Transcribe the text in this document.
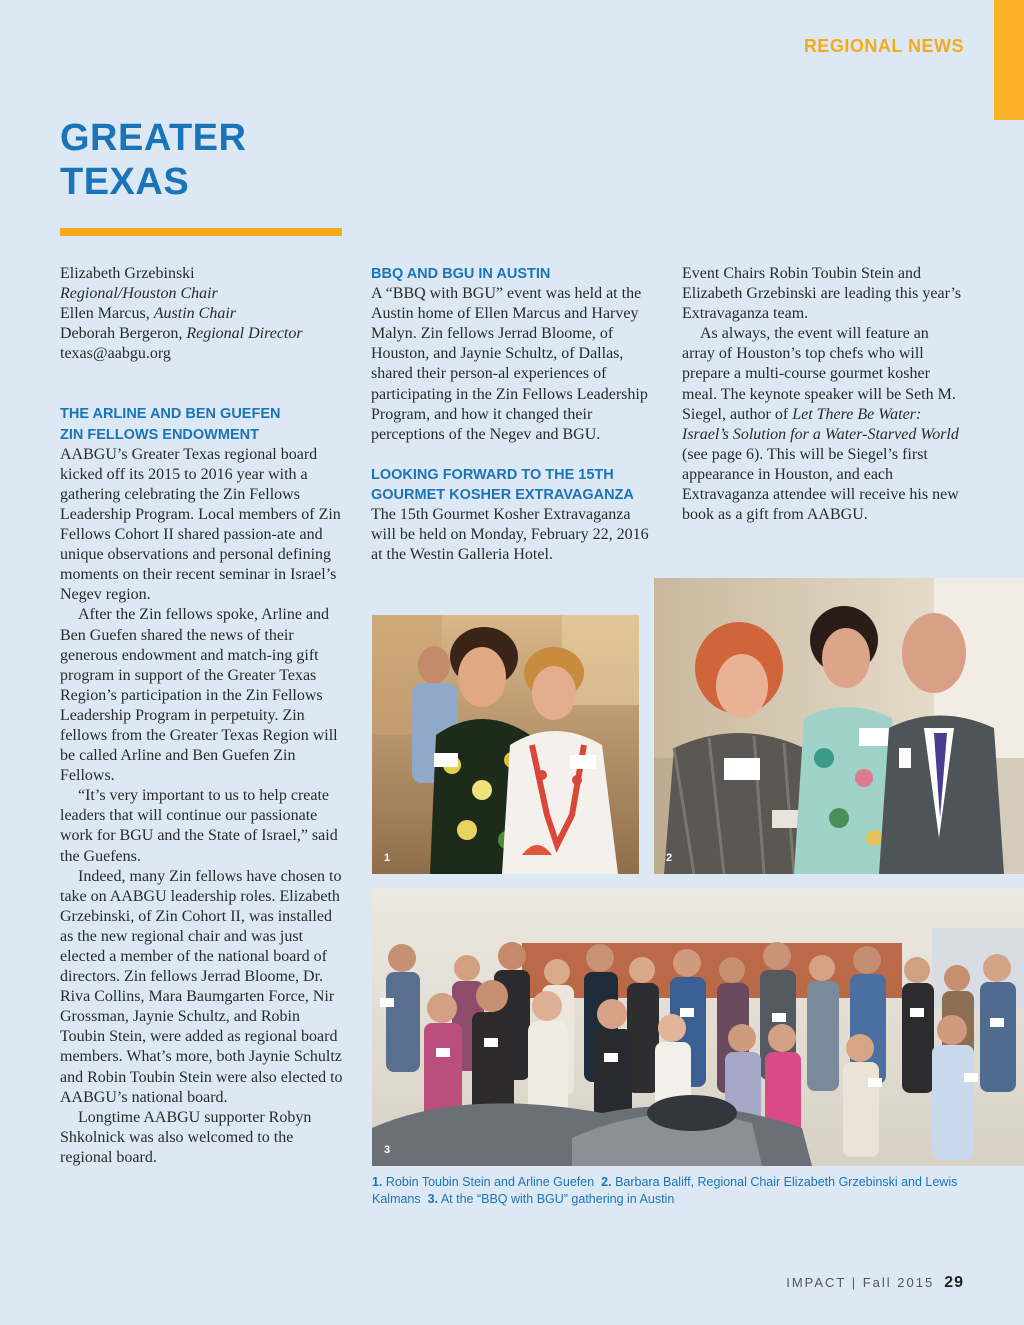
REGIONAL NEWS
GREATER
TEXAS

Elizabeth Grzebinski

Regional/Houston Chair

Ellen Marcus, Austin Chair

Deborah Bergeron, Regional Director

texas@aabgu.org

THE ARLINE AND BEN GUEFEN

ZIN FELLOWS ENDOWMENT

AABGU’s Greater Texas regional board kicked off its 2015 to 2016 year with a gathering celebrating the Zin Fellows Leadership Program. Local members of Zin Fellows Cohort II shared passion-ate and unique observations and personal defining moments on their recent seminar in Israel’s Negev region.

After the Zin fellows spoke, Arline and Ben Guefen shared the news of their generous endowment and match-ing gift program in support of the Greater Texas Region’s participation in the Zin Fellows Leadership Program in perpetuity. Zin fellows from the Greater Texas Region will be called Arline and Ben Guefen Zin Fellows.

“It’s very important to us to help create leaders that will continue our passionate work for BGU and the State of Israel,” said the Guefens.

Indeed, many Zin fellows have chosen to take on AABGU leadership roles. Elizabeth Grzebinski, of Zin Cohort II, was installed as the new regional chair and was just elected a member of the national board of directors. Zin fellows Jerrad Bloome, Dr. Riva Collins, Mara Baumgarten Force, Nir Grossman, Jaynie Schultz, and Robin Toubin Stein, were added as regional board members. What’s more, both Jaynie Schultz and Robin Toubin Stein were also elected to AABGU’s national board.

Longtime AABGU supporter Robyn Shkolnick was also welcomed to the regional board.

BBQ AND BGU IN AUSTIN

A “BBQ with BGU” event was held at the Austin home of Ellen Marcus and Harvey Malyn. Zin fellows Jerrad Bloome, of Houston, and Jaynie Schultz, of Dallas, shared their person-al experiences of participating in the Zin Fellows Leadership Program, and how it changed their perceptions of the Negev and BGU.

LOOKING FORWARD TO THE 15TH

GOURMET KOSHER EXTRAVAGANZA

The 15th Gourmet Kosher Extravaganza will be held on Monday, February 22, 2016 at the Westin Galleria Hotel.

Event Chairs Robin Toubin Stein and Elizabeth Grzebinski are leading this year’s Extravaganza team.

As always, the event will feature an array of Houston’s top chefs who will prepare a multi-course gourmet kosher meal. The keynote speaker will be Seth M. Siegel, author of Let There Be Water: Israel’s Solution for a Water-Starved World (see page 6). This will be Siegel’s first appearance in Houston, and each Extravaganza attendee will receive his new book as a gift from AABGU.

1	2
3
1. Robin Toubin Stein and Arline Guefen 2. Barbara Baliff, Regional Chair Elizabeth Grzebinski and Lewis Kalmans 3. At the “BBQ with BGU” gathering in Austin
IMPACT | Fall 2015 29
